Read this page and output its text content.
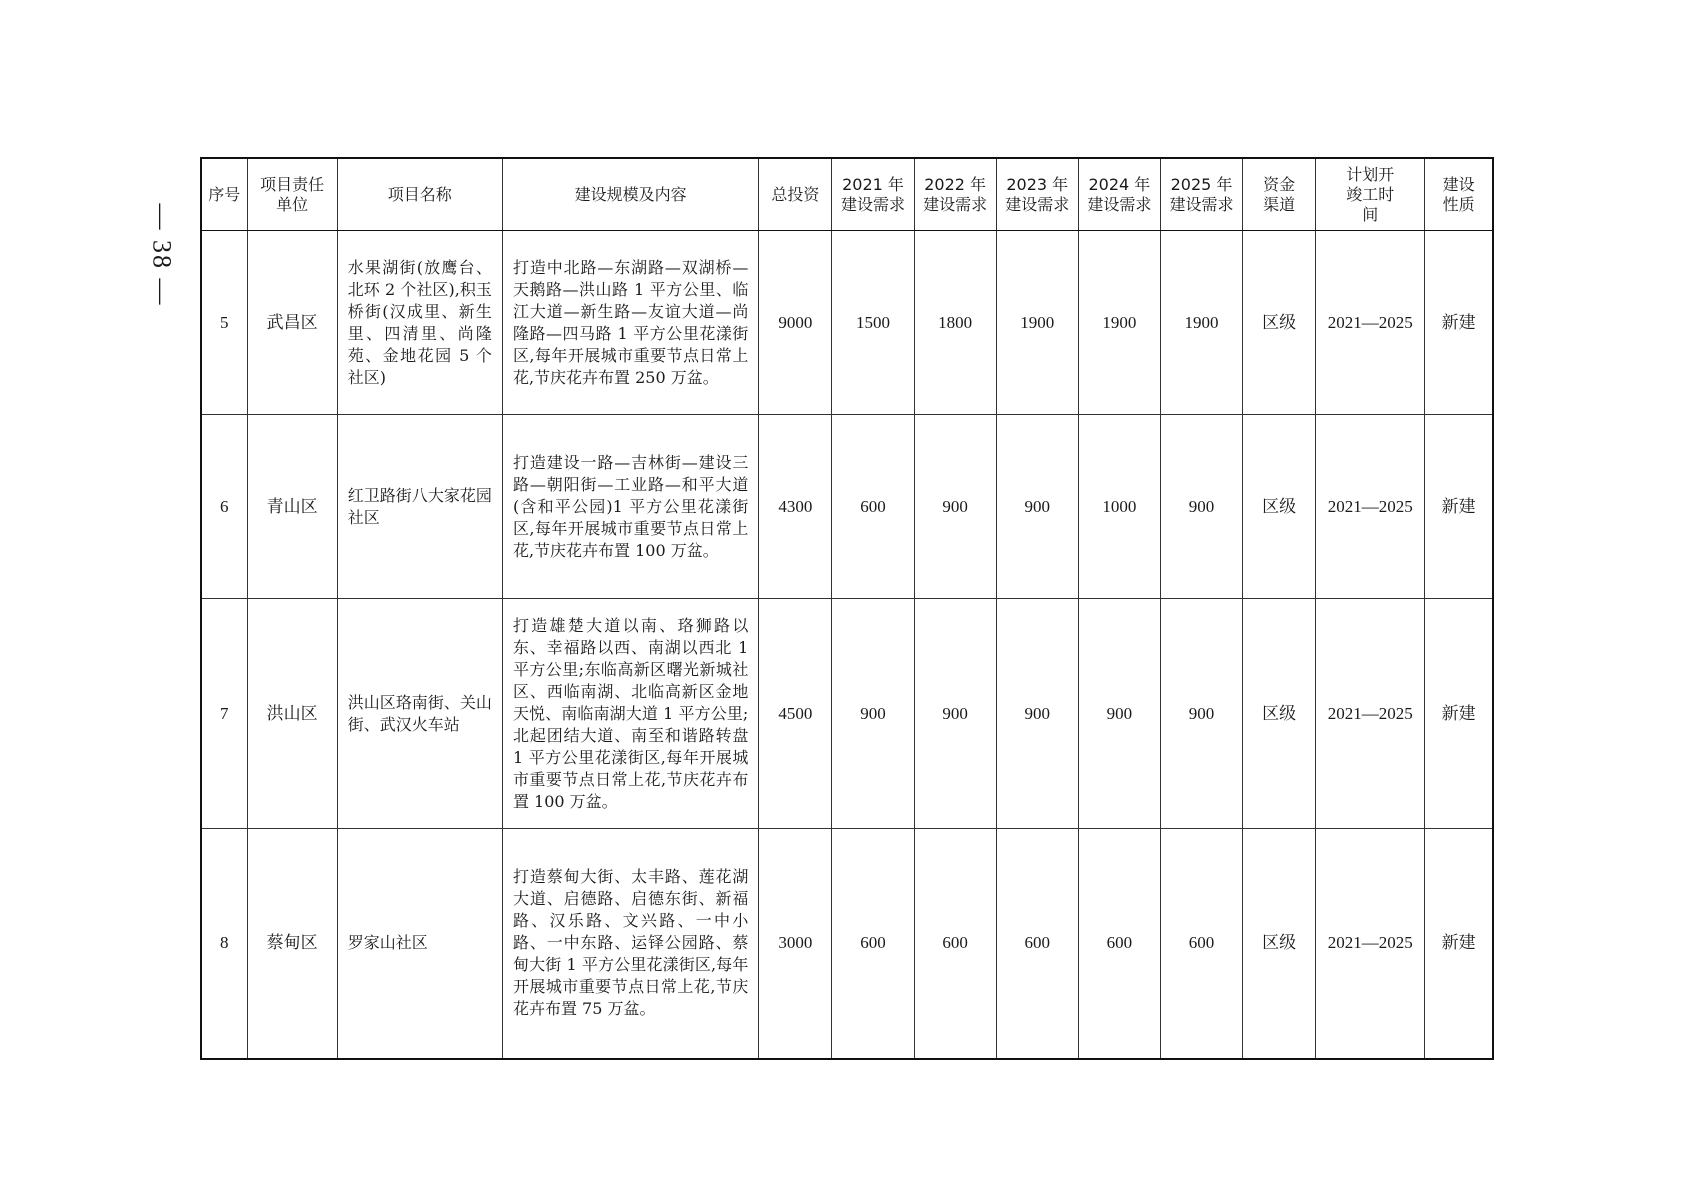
— 38 —
序号	项目责任单位	项目名称	建设规模及内容	总投资	2021 年建设需求	2022 年建设需求	2023 年建设需求	2024 年建设需求	2025 年建设需求	资金渠道	计划开竣工时间	建设性质

5	武昌区	水果湖街(放鹰台、北环 2 个社区),积玉桥街(汉成里、新生里、四清里、尚隆苑、金地花园 5 个社区)	打造中北路—东湖路—双湖桥—天鹅路—洪山路 1 平方公里、临江大道—新生路—友谊大道—尚隆路—四马路 1 平方公里花漾街区,每年开展城市重要节点日常上花,节庆花卉布置 250 万盆。	9000	1500	1800	1900	1900	1900	区级	2021—2025	新建
6	青山区	红卫路街八大家花园社区	打造建设一路—吉林街—建设三路—朝阳街—工业路—和平大道(含和平公园)1 平方公里花漾街区,每年开展城市重要节点日常上花,节庆花卉布置 100 万盆。	4300	600	900	900	1000	900	区级	2021—2025	新建
7	洪山区	洪山区珞南街、关山街、武汉火车站	打造雄楚大道以南、珞狮路以东、幸福路以西、南湖以西北 1 平方公里;东临高新区曙光新城社区、西临南湖、北临高新区金地天悦、南临南湖大道 1 平方公里;北起团结大道、南至和谐路转盘 1 平方公里花漾街区,每年开展城市重要节点日常上花,节庆花卉布置 100 万盆。	4500	900	900	900	900	900	区级	2021—2025	新建
8	蔡甸区	罗家山社区	打造蔡甸大街、太丰路、莲花湖大道、启德路、启德东街、新福路、汉乐路、文兴路、一中小路、一中东路、运铎公园路、蔡甸大街 1 平方公里花漾街区,每年开展城市重要节点日常上花,节庆花卉布置 75 万盆。	3000	600	600	600	600	600	区级	2021—2025	新建
